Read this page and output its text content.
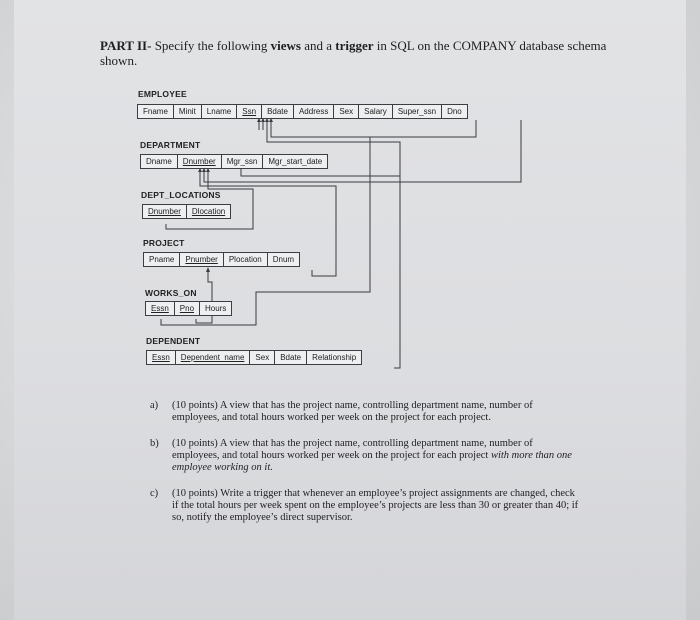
PART II- Specify the following views and a trigger in SQL on the COMPANY database schema shown.
EMPLOYEE
Fname	Minit	Lname	Ssn	Bdate	Address	Sex	Salary	Super_ssn	Dno
DEPARTMENT
Dname	Dnumber	Mgr_ssn	Mgr_start_date
DEPT_LOCATIONS
Dnumber	Dlocation
PROJECT
Pname	Pnumber	Plocation	Dnum
WORKS_ON
Essn	Pno	Hours
DEPENDENT
Essn	Dependent_name	Sex	Bdate	Relationship
a) (10 points) A view that has the project name, controlling department name, number of employees, and total hours worked per week on the project for each project.
b) (10 points) A view that has the project name, controlling department name, number of employees, and total hours worked per week on the project for each project with more than one employee working on it.
c) (10 points) Write a trigger that whenever an employee’s project assignments are changed, check if the total hours per week spent on the employee’s projects are less than 30 or greater than 40; if so, notify the employee’s direct supervisor.
